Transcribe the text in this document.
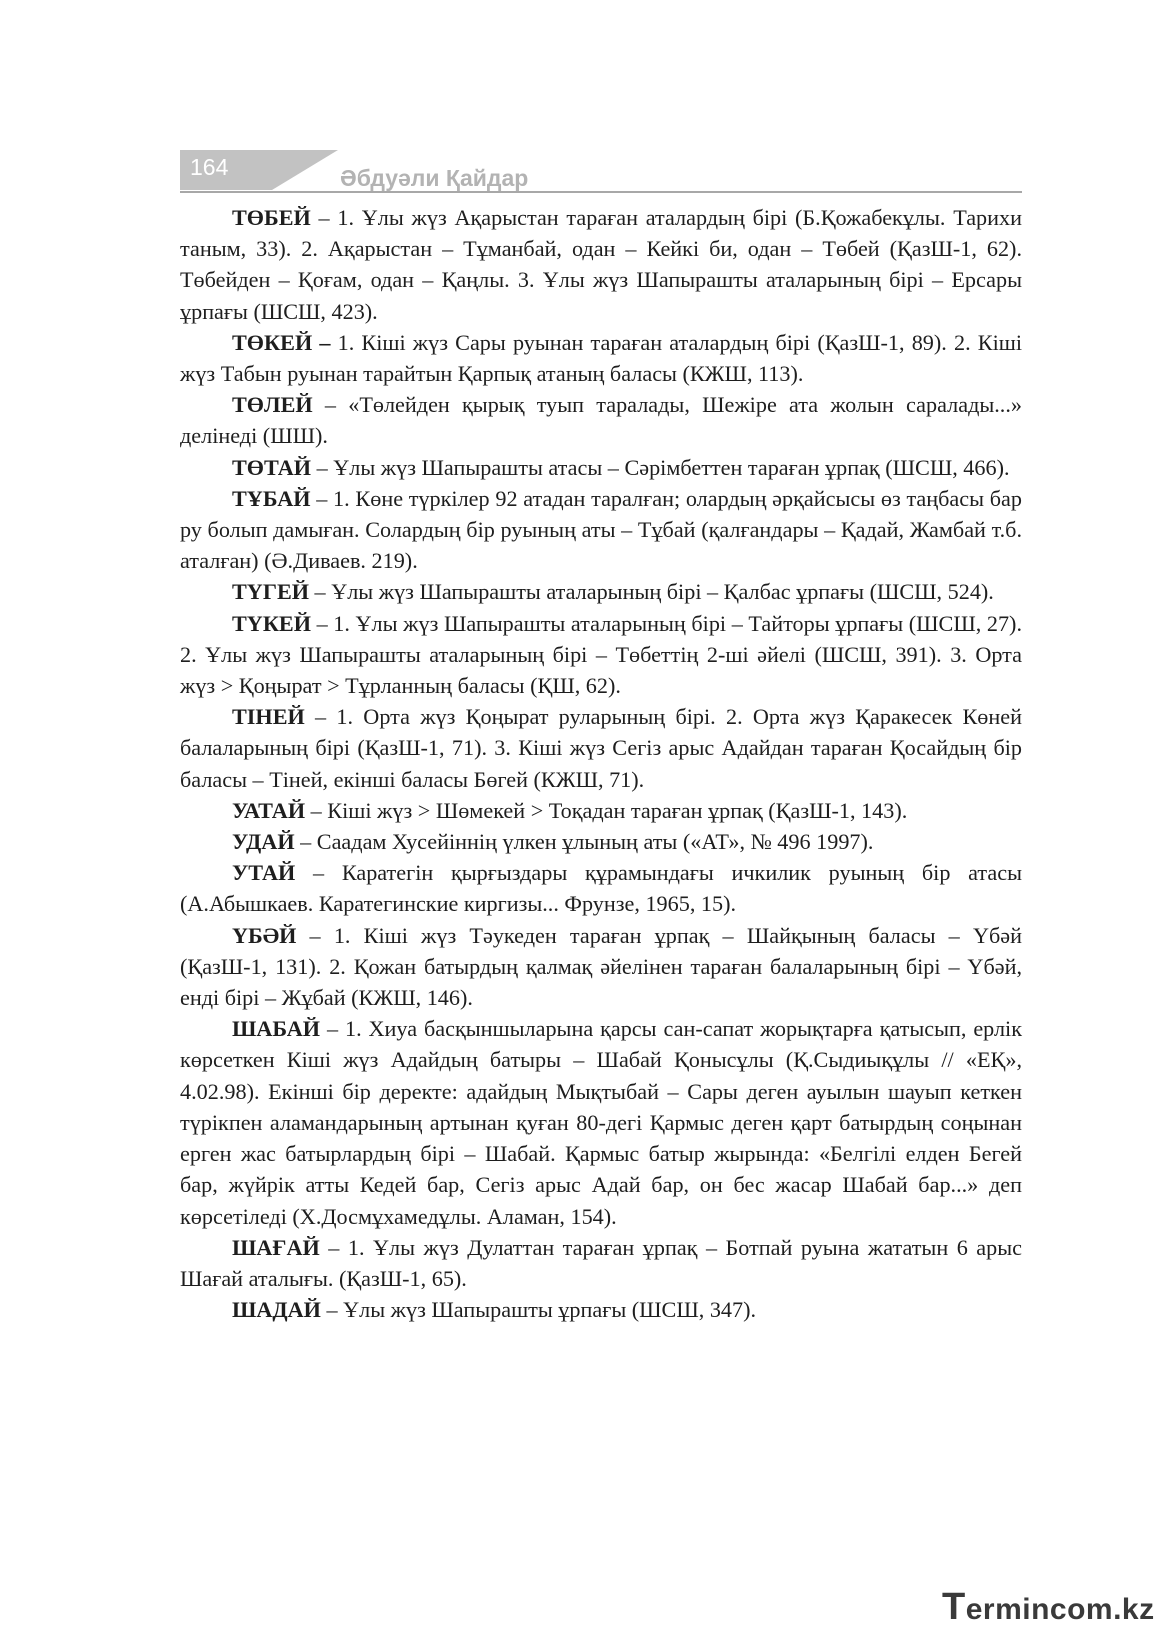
164	Әбдуәли Қайдар

ТӨБЕЙ – 1. Ұлы жүз Ақарыстан тараған аталардың бірі (Б.Қожабекұлы. Тарихи таным, 33). 2. Ақарыстан – Тұманбай, одан – Кейкі би, одан – Төбей (ҚазШ-1, 62). Төбейден – Қоғам, одан – Қаңлы. 3. Ұлы жүз Шапырашты аталарының бірі – Ерсары ұрпағы (ШСШ, 423).

ТӨКЕЙ – 1. Кіші жүз Сары руынан тараған аталардың бірі (ҚазШ-1, 89). 2. Кіші жүз Табын руынан тарайтын Қарпық атаның баласы (КЖШ, 113).

ТӨЛЕЙ – «Төлейден қырық туып таралады, Шежіре ата жолын саралады...» делінеді (ШШ).

ТӨТАЙ – Ұлы жүз Шапырашты атасы – Сәрімбеттен тараған ұрпақ (ШСШ, 466).

ТҰБАЙ – 1. Көне түркілер 92 атадан таралған; олардың әрқайсысы өз таңбасы бар ру болып дамыған. Солардың бір руының аты – Тұбай (қалғандары – Қадай, Жамбай т.б. аталған) (Ә.Диваев. 219).

ТҮГЕЙ – Ұлы жүз Шапырашты аталарының бірі – Қалбас ұрпағы (ШСШ, 524).

ТҮКЕЙ – 1. Ұлы жүз Шапырашты аталарының бірі – Тайторы ұрпағы (ШСШ, 27). 2. Ұлы жүз Шапырашты аталарының бірі – Төбеттің 2-ші әйелі (ШСШ, 391). 3. Орта жүз > Қоңырат > Тұрланның баласы (ҚШ, 62).

ТІНЕЙ – 1. Орта жүз Қоңырат руларының бірі. 2. Орта жүз Қаракесек Көней балаларының бірі (ҚазШ-1, 71). 3. Кіші жүз Сегіз арыс Адайдан тараған Қосайдың бір баласы – Тіней, екінші баласы Бөгей (КЖШ, 71).

УАТАЙ – Кіші жүз > Шөмекей > Тоқадан тараған ұрпақ (ҚазШ-1, 143).

УДАЙ – Саадам Хусейіннің үлкен ұлының аты («АТ», № 496 1997).

УТАЙ – Каратегін қырғыздары құрамындағы ичкилик руының бір атасы (А.Абышкаев. Каратегинские киргизы... Фрунзе, 1965, 15).

ҮБӘЙ – 1. Кіші жүз Тәукеден тараған ұрпақ – Шайқының баласы – Үбәй (ҚазШ-1, 131). 2. Қожан батырдың қалмақ әйелінен тараған балаларының бірі – Үбәй, енді бірі – Жұбай (КЖШ, 146).

ШАБАЙ – 1. Хиуа басқыншыларына қарсы сан-сапат жорықтарға қатысып, ерлік көрсеткен Кіші жүз Адайдың батыры – Шабай Қонысұлы (Қ.Сыдиықұлы // «ЕҚ», 4.02.98). Екінші бір деректе: адайдың Мықтыбай – Сары деген ауылын шауып кеткен түрікпен аламандарының артынан қуған 80-дегі Қармыс деген қарт батырдың соңынан ерген жас батырлардың бірі – Шабай. Қармыс батыр жырында: «Белгілі елден Бегей бар, жүйрік атты Кедей бар, Сегіз арыс Адай бар, он бес жасар Шабай бар...» деп көрсетіледі (Х.Досмұхамедұлы. Аламан, 154).

ШАҒАЙ – 1. Ұлы жүз Дулаттан тараған ұрпақ – Ботпай руына жататын 6 арыс Шағай аталығы. (ҚазШ-1, 65).

ШАДАЙ – Ұлы жүз Шапырашты ұрпағы (ШСШ, 347).

Termincоm.kz
